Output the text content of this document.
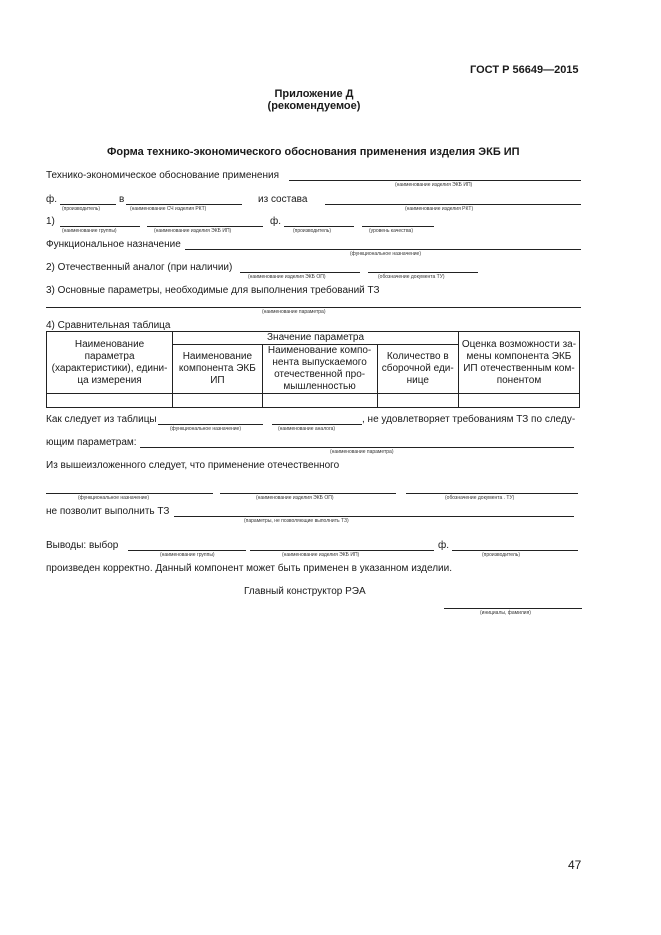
ГОСТ Р 56649—2015
Приложение Д
(рекомендуемое)
Форма технико-экономического обоснования применения изделия ЭКБ ИП
Технико-экономическое обоснование применения
(наименование изделия ЭКБ ИП)
ф.	в	из состава
(производитель)	(наименование СЧ изделия РКТ)	(наименование изделия РКТ)
1)	ф.
(наименование группы)	(наименование изделия ЭКБ ИП)	(производитель)	(уровень качества)
Функциональное назначение
(функциональное назначение)
2) Отечественный аналог (при наличии)
(наименование изделия ЭКБ ОП)	(обозначение документа ТУ)
3) Основные параметры, необходимые для выполнения требований ТЗ
(наименование параметра)
4) Сравнительная таблица
Наименование параметра (характеристики), едини-ца измерения	Значение параметра			Оценка возможности за-мены компонента ЭКБ ИП отечественным ком-понентом
	Наименование компонента ЭКБ ИП	Наименование компо-нента выпускаемого отечественной про-мышленностью	Количество в сборочной еди-нице	

Как следует из таблицы	, не удовлетворяет требованиям ТЗ по следу-
(функциональное назначение)	(наименование аналога)
ющим параметрам:
(наименование параметра)
Из вышеизложенного следует, что применение отечественного
(функциональное назначение)	(наименование изделия ЭКБ ОП)	(обозначение документа . ТУ)
не позволит выполнить ТЗ
(параметры, не позволяющие выполнить ТЗ)
Выводы: выбор	ф.
(наименование группы)	(наименование изделия ЭКБ ИП)	(производитель)
произведен корректно. Данный компонент может быть применен в указанном изделии.
Главный конструктор РЭА
(инициалы, фамилия)
47
